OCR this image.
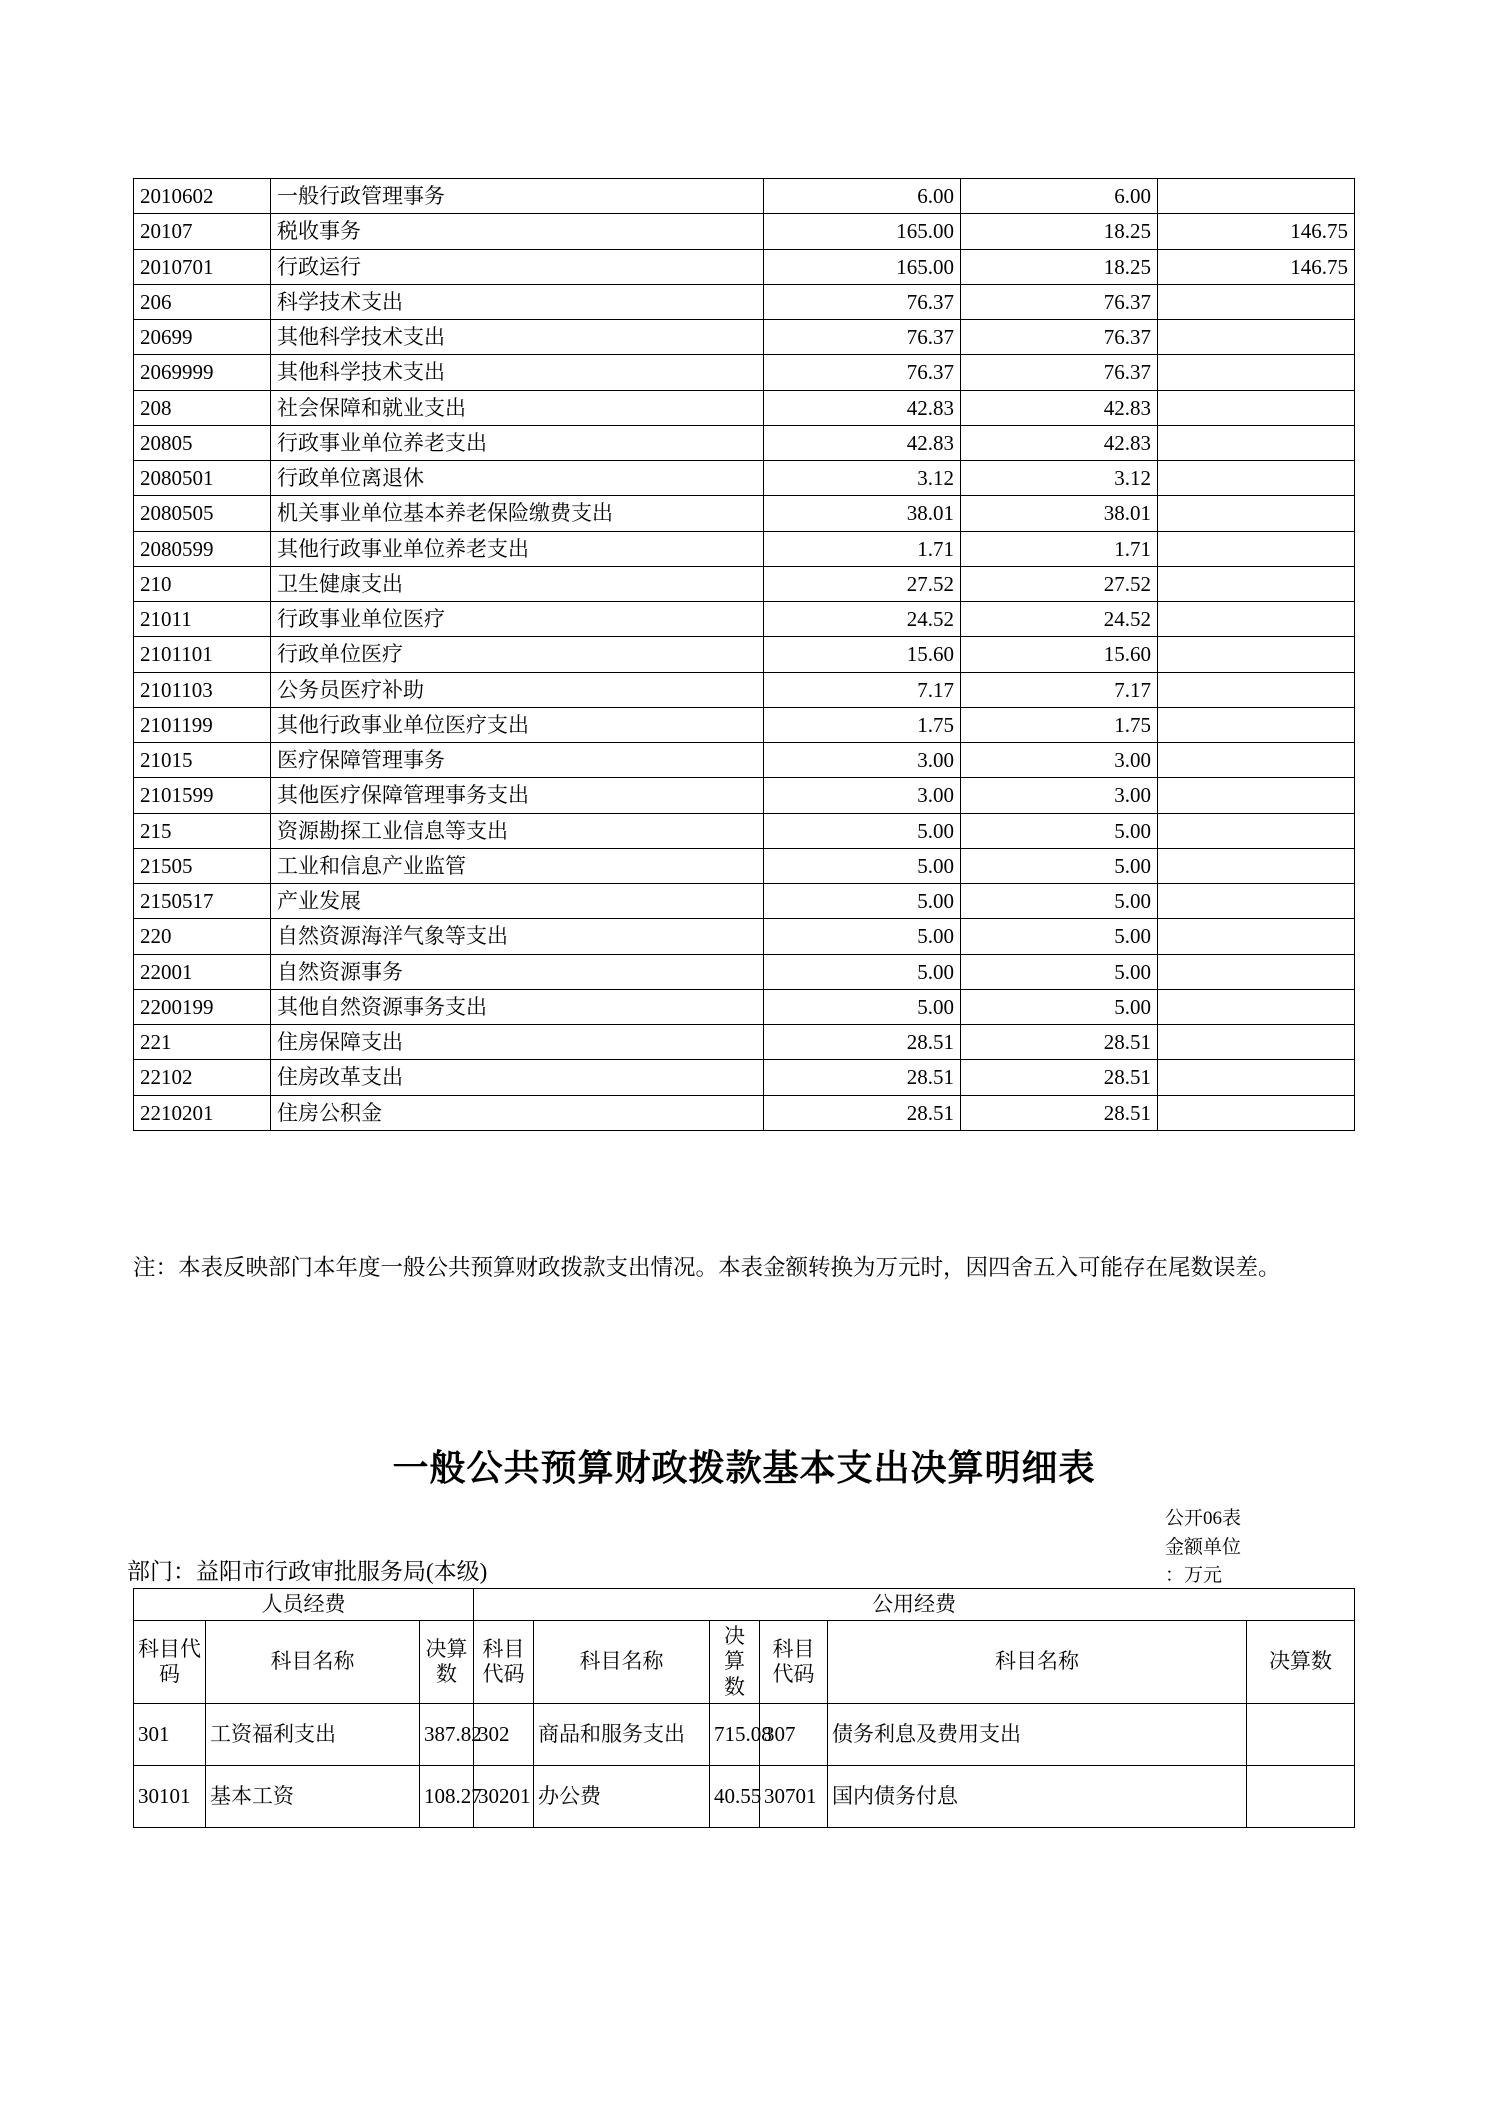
2010602	一般行政管理事务	6.00	6.00	
20107	税收事务	165.00	18.25	146.75
2010701	行政运行	165.00	18.25	146.75
206	科学技术支出	76.37	76.37	
20699	其他科学技术支出	76.37	76.37	
2069999	其他科学技术支出	76.37	76.37	
208	社会保障和就业支出	42.83	42.83	
20805	行政事业单位养老支出	42.83	42.83	
2080501	行政单位离退休	3.12	3.12	
2080505	机关事业单位基本养老保险缴费支出	38.01	38.01	
2080599	其他行政事业单位养老支出	1.71	1.71	
210	卫生健康支出	27.52	27.52	
21011	行政事业单位医疗	24.52	24.52	
2101101	行政单位医疗	15.60	15.60	
2101103	公务员医疗补助	7.17	7.17	
2101199	其他行政事业单位医疗支出	1.75	1.75	
21015	医疗保障管理事务	3.00	3.00	
2101599	其他医疗保障管理事务支出	3.00	3.00	
215	资源勘探工业信息等支出	5.00	5.00	
21505	工业和信息产业监管	5.00	5.00	
2150517	产业发展	5.00	5.00	
220	自然资源海洋气象等支出	5.00	5.00	
22001	自然资源事务	5.00	5.00	
2200199	其他自然资源事务支出	5.00	5.00	
221	住房保障支出	28.51	28.51	
22102	住房改革支出	28.51	28.51	
2210201	住房公积金	28.51	28.51	
注：本表反映部门本年度一般公共预算财政拨款支出情况。本表金额转换为万元时，因四舍五入可能存在尾数误差。
一般公共预算财政拨款基本支出决算明细表
公开06表
金额单位
：万元
部门：益阳市行政审批服务局(本级)
人员经费			公用经费					
科目代码	科目名称	决算数	科目代码	科目名称	决算数	科目代码	科目名称	决算数
301	工资福利支出	387.82	302	商品和服务支出	715.08	307	债务利息及费用支出	
30101	基本工资	108.27	30201	办公费	40.55	30701	国内债务付息	
